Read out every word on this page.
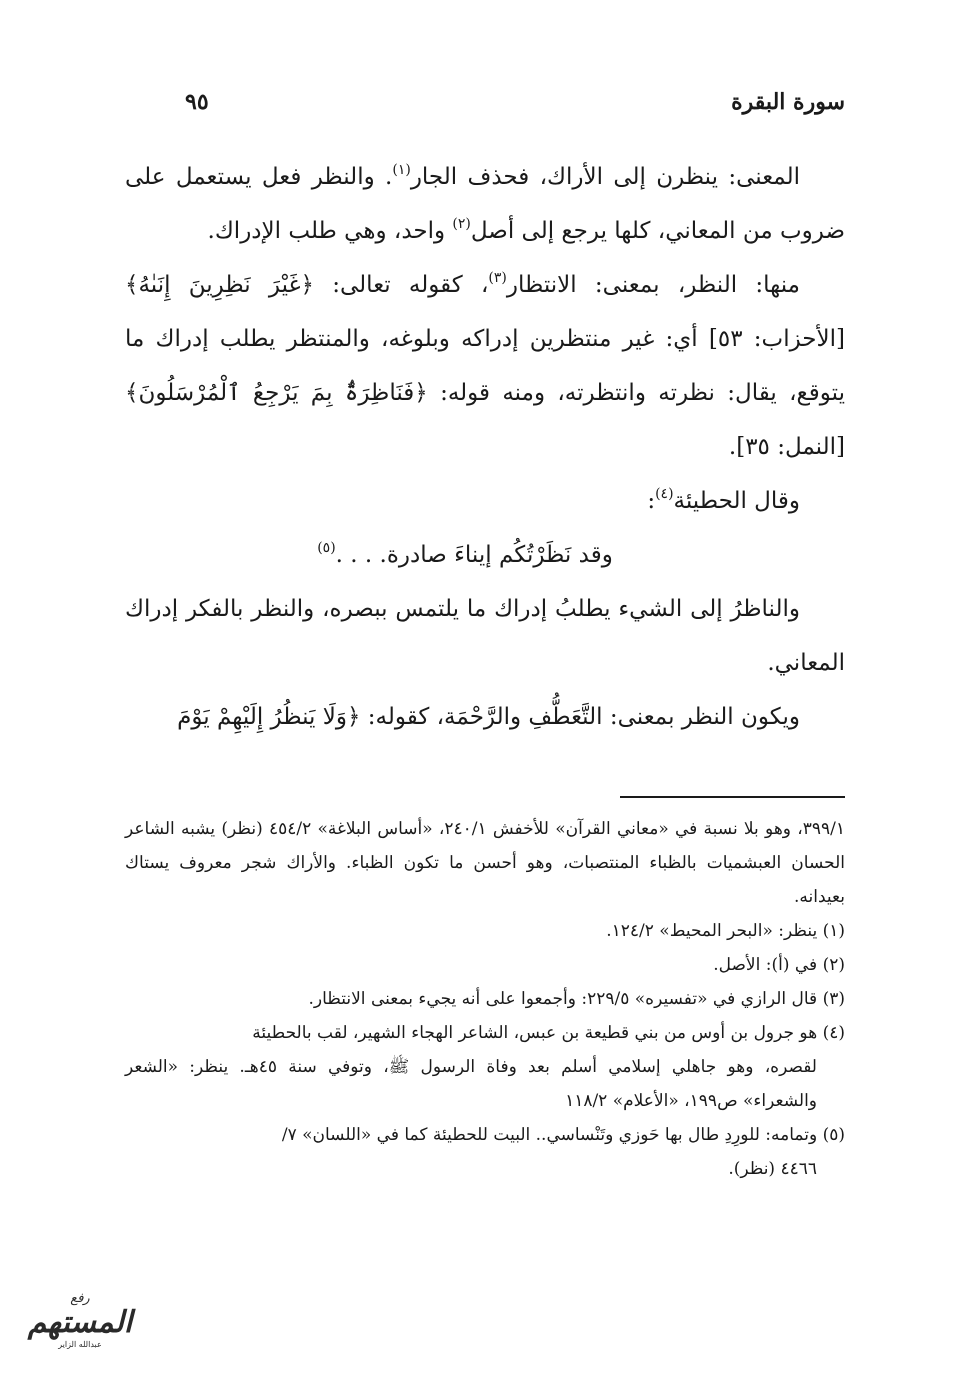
سورة البقرة
٩٥

المعنى: ينظرن إلى الأراك، فحذف الجار$^{(١)}$. والنظر فعل يستعمل على ضروب من المعاني، كلها يرجع إلى أصل$^{(٢)}$ واحد، وهي طلب الإدراك.

منها: النظر، بمعنى: الانتظار$^{(٣)}$، كقوله تعالى: ﴿غَيْرَ نَظِرِينَ إِنَىٰهُ﴾ [الأحزاب: ٥٣] أي: غير منتظرين إدراكه وبلوغه، والمنتظر يطلب إدراك ما يتوقع، يقال: نظرته وانتظرته، ومنه قوله: ﴿فَنَاظِرَةٌۢ بِمَ يَرْجِعُ ٱلْمُرْسَلُونَ﴾ [النمل: ٣٥].

وقال الحطيئة$^{(٤)}$:

وقد نَظَرْتُكُم إيناءَ صادرة. . . .$^{(٥)}$

والناظرُ إلى الشيء يطلبُ إدراك ما يلتمس ببصره، والنظر بالفكر إدراك المعاني.

ويكون النظر بمعنى: التَّعَطُّفِ والرَّحْمَة، كقوله: ﴿وَلَا يَنظُرُ إِلَيْهِمْ يَوْمَ

٣٩٩/١، وهو بلا نسبة في «معاني القرآن» للأخفش ٢٤٠/١، «أساس البلاغة» ٤٥٤/٢ (نظر) يشبه الشاعر الحسان العبشميات بالظباء المنتصبات، وهو أحسن ما تكون الظباء. والأراك شجر معروف يستاك بعيدانه.

(١) ينظر: «البحر المحيط» ١٢٤/٢.

(٢) في (أ): الأصل.

(٣) قال الرازي في «تفسيره» ٢٢٩/٥: وأجمعوا على أنه يجيء بمعنى الانتظار.

(٤) هو جرول بن أوس من بني قطيعة بن عبس، الشاعر الهجاء الشهير، لقب بالحطيئة

لقصره، وهو جاهلي إسلامي أسلم بعد وفاة الرسول ﷺ، وتوفي سنة ٤٥هـ. ينظر: «الشعر والشعراء» ص١٩٩، «الأعلام» ١١٨/٢

(٥) وتمامه: للورِدِ طال بها حَوزي وتَنْساسي.. البيت للحطيئة كما في «اللسان» ٧/

٤٤٦٦ (نظر).

رفع
المستهم
عبدالله الزاير
